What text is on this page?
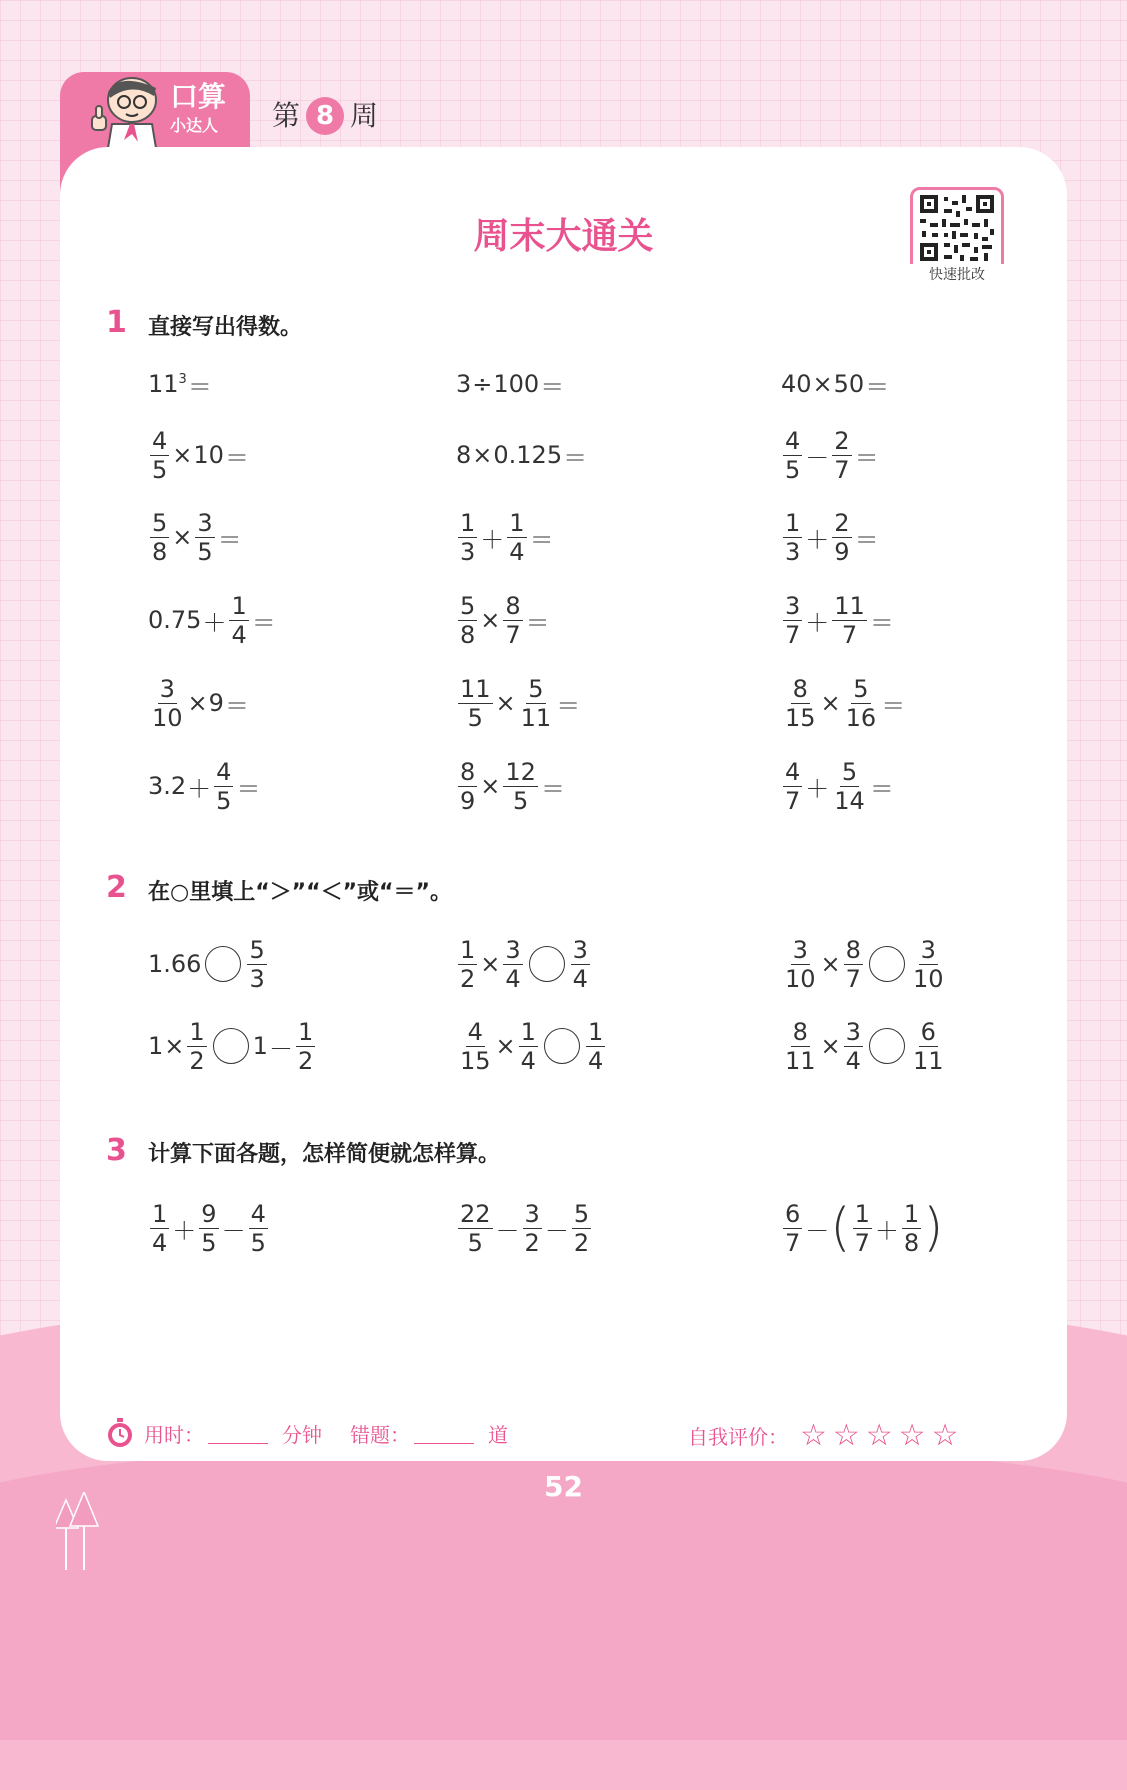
口算
小达人 第 8 周
周末大通关
快速批改
1 直接写出得数。
$11^3$ ＝	3 ÷ 100 ＝	40 × 50 ＝
$\frac{4}{5} \times 10$ ＝	8 × 0.125 ＝	$\frac{4}{5} - \frac{2}{7}$ ＝
$\frac{5}{8} \times \frac{3}{5}$ ＝	$\frac{1}{3} + \frac{1}{4}$ ＝	$\frac{1}{3} + \frac{2}{9}$ ＝
$0.75 + \frac{1}{4}$ ＝	$\frac{5}{8} \times \frac{8}{7}$ ＝	$\frac{3}{7} + \frac{11}{7}$ ＝
$\frac{3}{10} \times 9$ ＝	$\frac{11}{5} \times \frac{5}{11}$ ＝	$\frac{8}{15} \times \frac{5}{16}$ ＝
$3.2 + \frac{4}{5}$ ＝	$\frac{8}{9} \times \frac{12}{5}$ ＝	$\frac{4}{7} + \frac{5}{14}$ ＝
2 在○里填上“＞”“＜”或“＝”。
$1.66 \frac{5}{3}$	$\frac{1}{2} \times \frac{3}{4} \frac{3}{4}$	$\frac{3}{10} \times \frac{8}{7} \frac{3}{10}$
$1 \times \frac{1}{2} 1 - \frac{1}{2}$	$\frac{4}{15} \times \frac{1}{4} \frac{1}{4}$	$\frac{8}{11} \times \frac{3}{4} \frac{6}{11}$
3 计算下面各题，怎样简便就怎样算。
$\frac{1}{4} + \frac{9}{5} - \frac{4}{5}$	$\frac{22}{5} - \frac{3}{2} - \frac{5}{2}$	$\frac{6}{7}$ － ( $\frac{1}{7} + \frac{1}{8}$ )
用时：	分钟 错题：	道	自我评价： ☆☆☆☆☆
52
